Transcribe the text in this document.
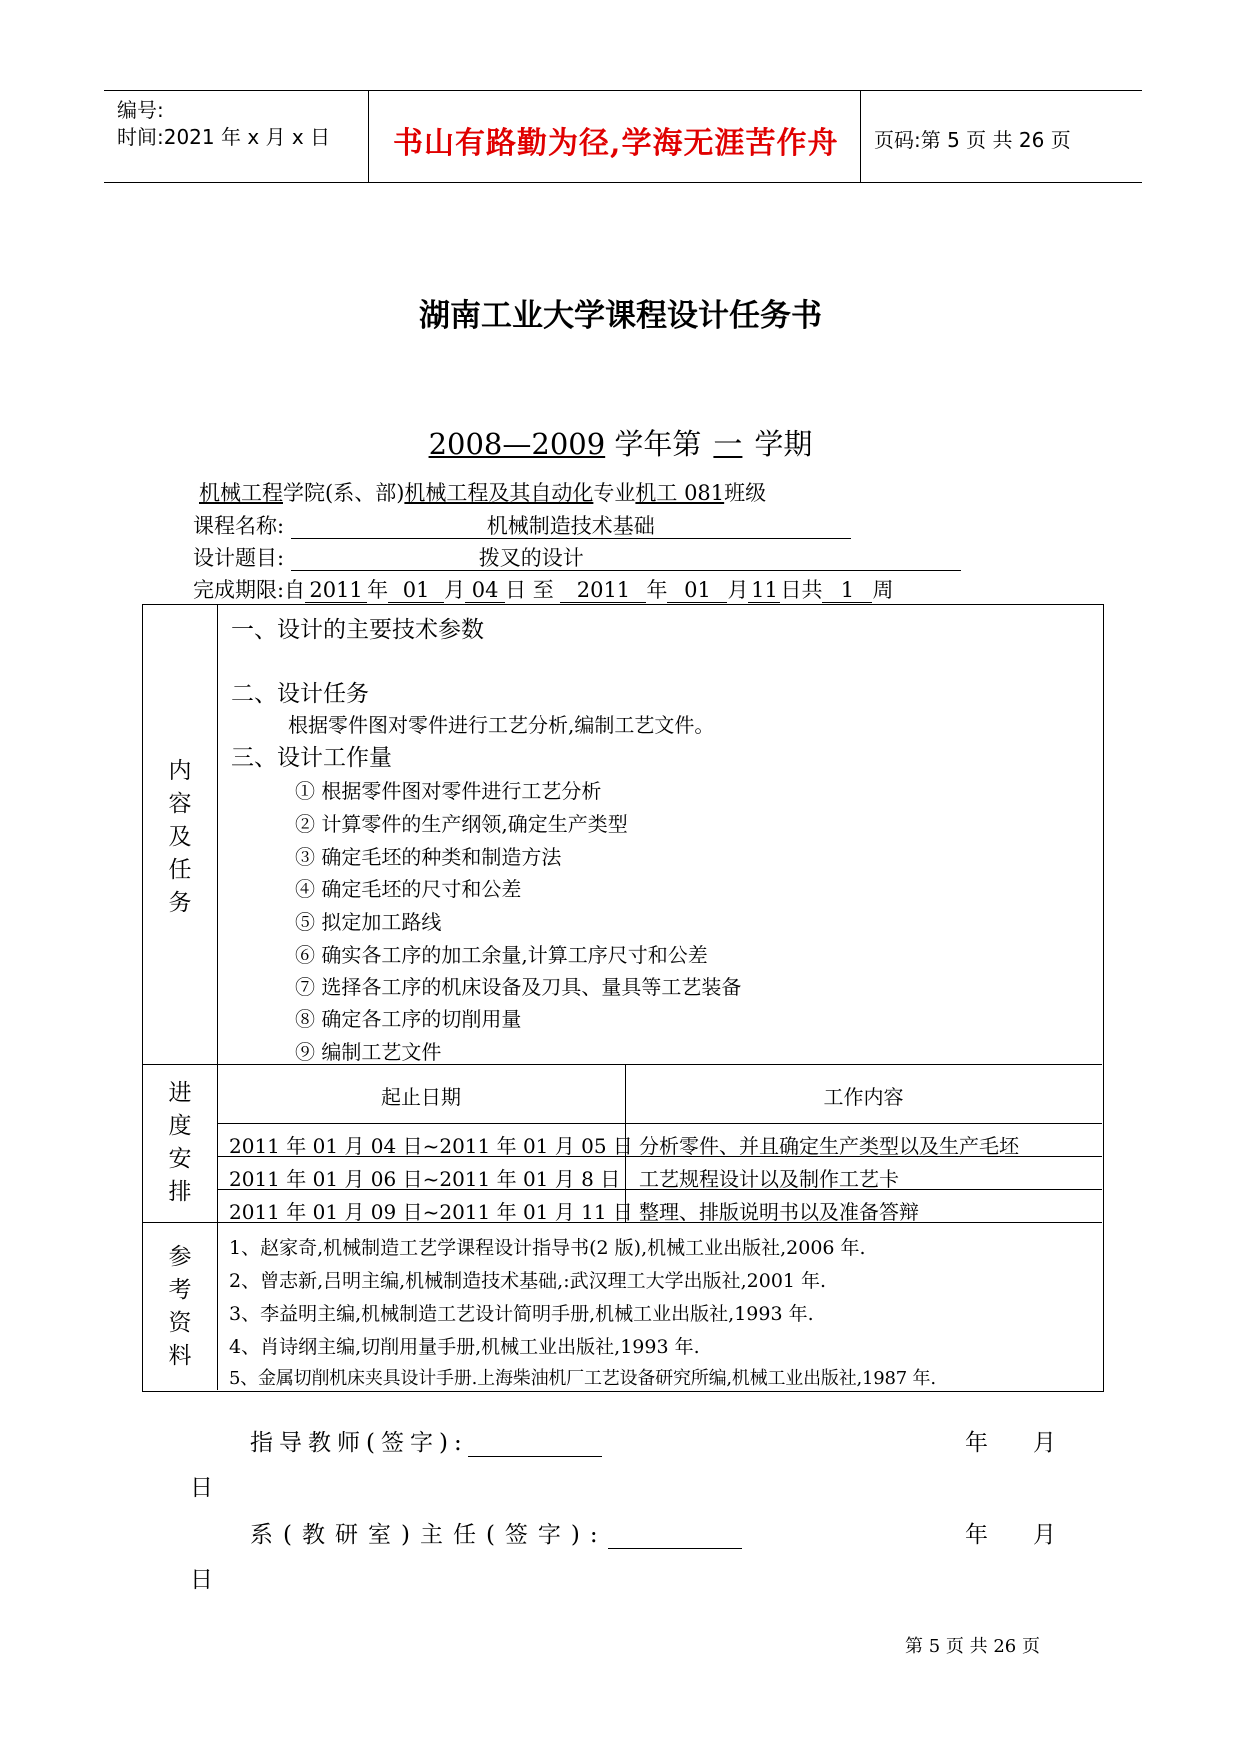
编号:
时间:2021 年 x 月 x 日 书山有路勤为径,学海无涯苦作舟 页码:第 5 页 共 26 页
湖南工业大学课程设计任务书
2008—2009 学年第 一 学期
机械工程学院(系、部)机械工程及其自动化专业机工 081班级
课程名称:	机械制造技术基础
设计题目:	拨叉的设计
完成期限:自 2011 年 01 月 04 日 至 2011 年 01 月 11 日共 1 周
内
容
及
任
务
一、设计的主要技术参数
二、设计任务
根据零件图对零件进行工艺分析,编制工艺文件。
三、设计工作量
① 根据零件图对零件进行工艺分析
② 计算零件的生产纲领,确定生产类型
③ 确定毛坯的种类和制造方法
④ 确定毛坯的尺寸和公差
⑤ 拟定加工路线
⑥ 确实各工序的加工余量,计算工序尺寸和公差
⑦ 选择各工序的机床设备及刀具、量具等工艺装备
⑧ 确定各工序的切削用量
⑨ 编制工艺文件
进
度
安
排
起止日期	工作内容
2011 年 01 月 04 日~2011 年 01 月 05 日 分析零件、并且确定生产类型以及生产毛坯
2011 年 01 月 06 日~2011 年 01 月 8 日 工艺规程设计以及制作工艺卡
2011 年 01 月 09 日~2011 年 01 月 11 日 整理、排版说明书以及准备答辩
参
考
资
料
1、赵家奇,机械制造工艺学课程设计指导书(2 版),机械工业出版社,2006 年.
2、曾志新,吕明主编,机械制造技术基础,:武汉理工大学出版社,2001 年.
3、李益明主编,机械制造工艺设计简明手册,机械工业出版社,1993 年.
4、肖诗纲主编,切削用量手册,机械工业出版社,1993 年.
5、金属切削机床夹具设计手册.上海柴油机厂工艺设备研究所编,机械工业出版社,1987 年.
指导教师(签字):	年 月
日
系(教研室)主任(签字):	年 月
日
第 5 页 共 26 页
